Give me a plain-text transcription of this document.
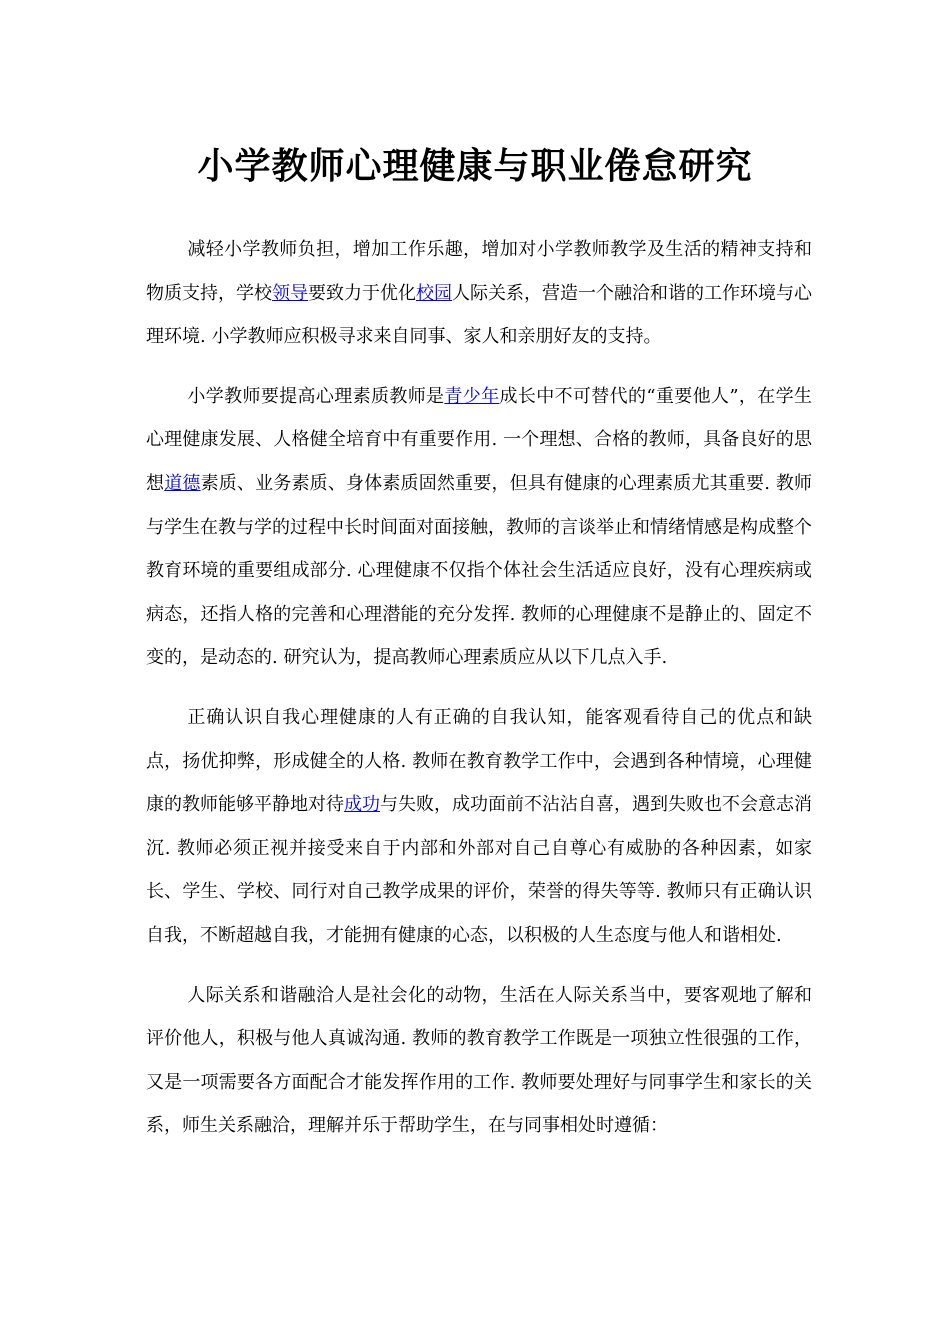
小学教师心理健康与职业倦怠研究

减轻小学教师负担，增加工作乐趣，增加对小学教师教学及生活的精神支持和物质支持，学校领导要致力于优化校园人际关系，营造一个融洽和谐的工作环境与心理环境. 小学教师应积极寻求来自同事、家人和亲朋好友的支持。

小学教师要提高心理素质教师是青少年成长中不可替代的“重要他人”，在学生心理健康发展、人格健全培育中有重要作用. 一个理想、合格的教师，具备良好的思想道德素质、业务素质、身体素质固然重要，但具有健康的心理素质尤其重要. 教师与学生在教与学的过程中长时间面对面接触，教师的言谈举止和情绪情感是构成整个教育环境的重要组成部分. 心理健康不仅指个体社会生活适应良好，没有心理疾病或病态，还指人格的完善和心理潜能的充分发挥. 教师的心理健康不是静止的、固定不变的，是动态的. 研究认为，提高教师心理素质应从以下几点入手.

正确认识自我心理健康的人有正确的自我认知，能客观看待自己的优点和缺点，扬优抑弊，形成健全的人格. 教师在教育教学工作中，会遇到各种情境，心理健康的教师能够平静地对待成功与失败，成功面前不沾沾自喜，遇到失败也不会意志消沉. 教师必须正视并接受来自于内部和外部对自己自尊心有威胁的各种因素，如家长、学生、学校、同行对自己教学成果的评价，荣誉的得失等等. 教师只有正确认识自我，不断超越自我，才能拥有健康的心态，以积极的人生态度与他人和谐相处.

人际关系和谐融洽人是社会化的动物，生活在人际关系当中，要客观地了解和评价他人，积极与他人真诚沟通. 教师的教育教学工作既是一项独立性很强的工作，又是一项需要各方面配合才能发挥作用的工作. 教师要处理好与同事学生和家长的关系，师生关系融洽，理解并乐于帮助学生，在与同事相处时遵循：
